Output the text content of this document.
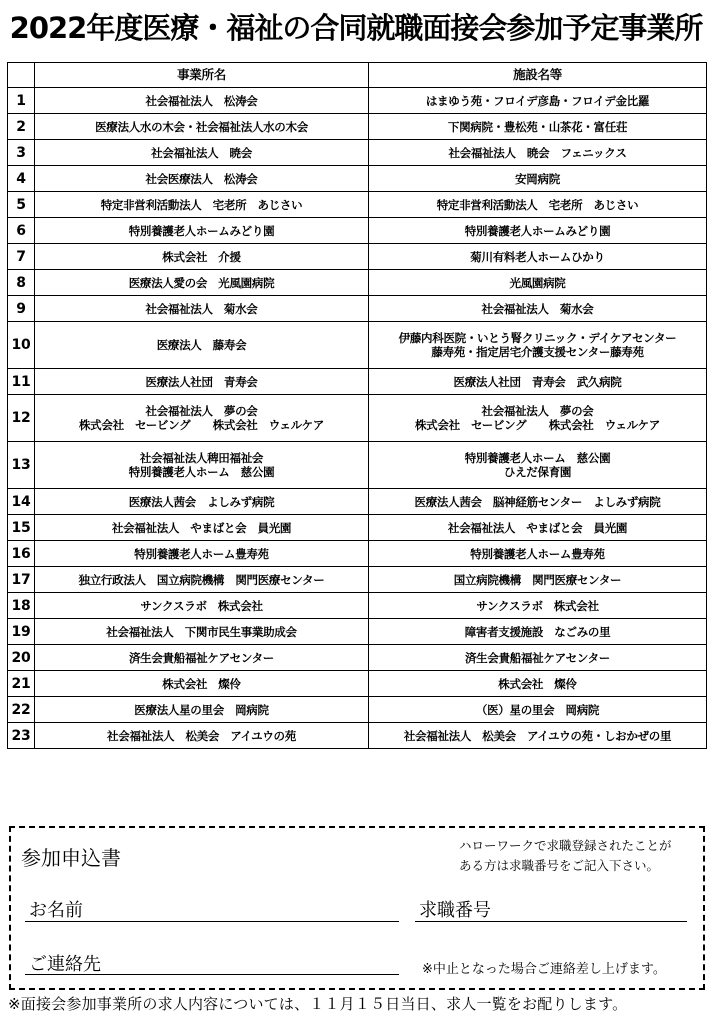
2022年度医療・福祉の合同就職面接会参加予定事業所
	事業所名	施設名等
1	社会福祉法人　松涛会	はまゆう苑・フロイデ彦島・フロイデ金比羅

2	医療法人水の木会・社会福祉法人水の木会	下関病院・豊松苑・山茶花・富任荘

3	社会福祉法人　暁会	社会福祉法人　暁会　フェニックス

4	社会医療法人　松涛会	安岡病院

5	特定非営利活動法人　宅老所　あじさい	特定非営利活動法人　宅老所　あじさい

6	特別養護老人ホームみどり園	特別養護老人ホームみどり園

7	株式会社　介援	菊川有料老人ホームひかり

8	医療法人愛の会　光風園病院	光風園病院

9	社会福祉法人　菊水会	社会福祉法人　菊水会

10	医療法人　藤寿会	伊藤内科医院・いとう腎クリニック・デイケアセンター
藤寿苑・指定居宅介護支援センター藤寿苑

11	医療法人社団　青寿会	医療法人社団　青寿会　武久病院

12	社会福祉法人　夢の会
株式会社　セービング　　株式会社　ウェルケア	社会福祉法人　夢の会
株式会社　セービング　　株式会社　ウェルケア

13	社会福祉法人稗田福祉会
特別養護老人ホーム　慈公園	特別養護老人ホーム　慈公園
ひえだ保育園

14	医療法人茜会　よしみず病院	医療法人茜会　脳神経筋センター　よしみず病院

15	社会福祉法人　やまばと会　員光園	社会福祉法人　やまばと会　員光園

16	特別養護老人ホーム豊寿苑	特別養護老人ホーム豊寿苑

17	独立行政法人　国立病院機構　関門医療センター	国立病院機構　関門医療センター

18	サンクスラボ　株式会社	サンクスラボ　株式会社

19	社会福祉法人　下関市民生事業助成会	障害者支援施設　なごみの里

20	済生会貴船福祉ケアセンター	済生会貴船福祉ケアセンター

21	株式会社　燦伶	株式会社　燦伶

22	医療法人星の里会　岡病院	（医）星の里会　岡病院

23	社会福祉法人　松美会　アイユウの苑	社会福祉法人　松美会　アイユウの苑・しおかぜの里
参加申込書
ハローワークで求職登録されたことが
ある方は求職番号をご記入下さい。
お名前	求職番号
ご連絡先	※中止となった場合ご連絡差し上げます。
※面接会参加事業所の求人内容については、１１月１５日当日、求人一覧をお配りします。
